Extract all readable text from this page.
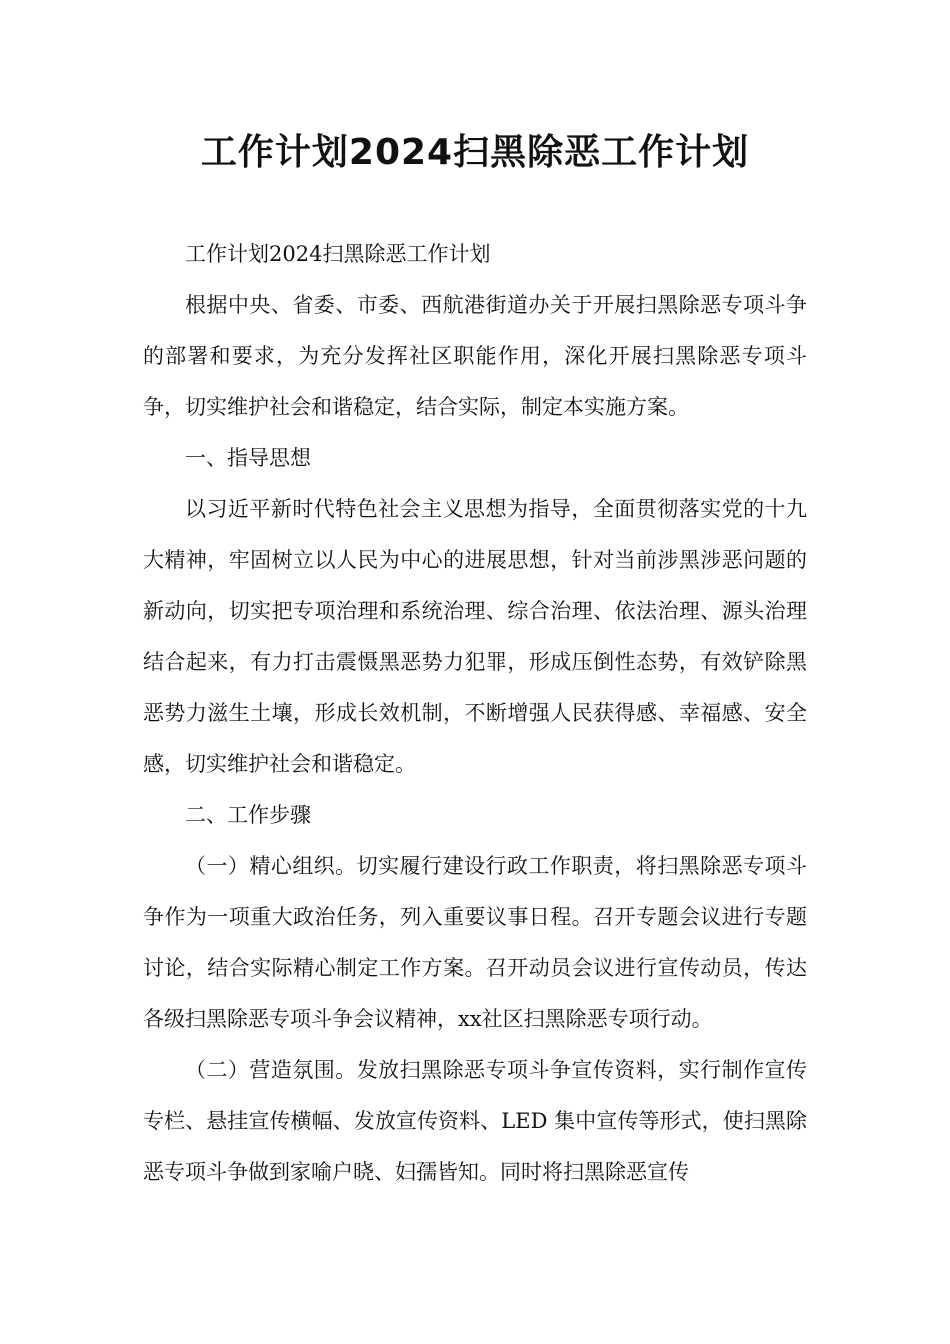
工作计划2024扫黑除恶工作计划

工作计划2024扫黑除恶工作计划

根据中央、省委、市委、西航港街道办关于开展扫黑除恶专项斗争的部署和要求，为充分发挥社区职能作用，深化开展扫黑除恶专项斗争，切实维护社会和谐稳定，结合实际，制定本实施方案。

一、指导思想

以习近平新时代特色社会主义思想为指导，全面贯彻落实党的十九大精神，牢固树立以人民为中心的进展思想，针对当前涉黑涉恶问题的新动向，切实把专项治理和系统治理、综合治理、依法治理、源头治理结合起来，有力打击震慑黑恶势力犯罪，形成压倒性态势，有效铲除黑恶势力滋生土壤，形成长效机制，不断增强人民获得感、幸福感、安全感，切实维护社会和谐稳定。

二、工作步骤

（一）精心组织。切实履行建设行政工作职责，将扫黑除恶专项斗争作为一项重大政治任务，列入重要议事日程。召开专题会议进行专题讨论，结合实际精心制定工作方案。召开动员会议进行宣传动员，传达各级扫黑除恶专项斗争会议精神，xx社区扫黑除恶专项行动。

（二）营造氛围。发放扫黑除恶专项斗争宣传资料，实行制作宣传专栏、悬挂宣传横幅、发放宣传资料、LED 集中宣传等形式，使扫黑除恶专项斗争做到家喻户晓、妇孺皆知。同时将扫黑除恶宣传
